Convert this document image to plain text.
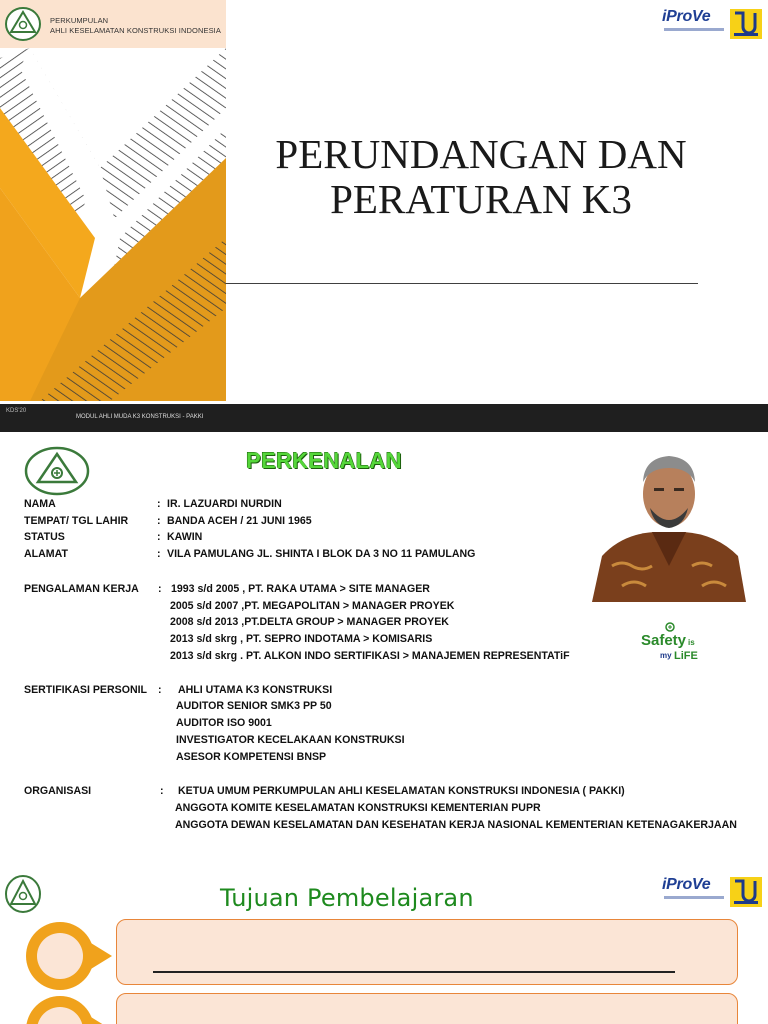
PERKUMPULAN
AHLI KESELAMATAN KONSTRUKSI INDONESIA
PERUNDANGAN DAN
PERATURAN K3
iProVe
KDS'20
MODUL AHLI MUDA K3 KONSTRUKSI - PAKKI
PERKENALAN
NAMA	: IR. LAZUARDI NURDIN
TEMPAT/ TGL LAHIR	: BANDA ACEH / 21 JUNI 1965
STATUS	: KAWIN
ALAMAT	: VILA PAMULANG JL. SHINTA I BLOK DA 3 NO 11 PAMULANG
PENGALAMAN KERJA : 1993 s/d 2005 , PT. RAKA UTAMA > SITE MANAGER
2005 s/d 2007 ,PT. MEGAPOLITAN > MANAGER PROYEK
2008 s/d 2013 ,PT.DELTA GROUP > MANAGER PROYEK
2013 s/d skrg , PT. SEPRO INDOTAMA > KOMISARIS
2013 s/d skrg . PT. ALKON INDO SERTIFIKASI > MANAJEMEN REPRESENTATiF
Safety is
my LiFE
SERTIFIKASI PERSONIL : AHLI UTAMA K3 KONSTRUKSI
AUDITOR SENIOR SMK3 PP 50
AUDITOR ISO 9001
INVESTIGATOR KECELAKAAN KONSTRUKSI
ASESOR KOMPETENSI BNSP
ORGANISASI	: KETUA UMUM PERKUMPULAN AHLI KESELAMATAN KONSTRUKSI INDONESIA ( PAKKI)
ANGGOTA KOMITE KESELAMATAN KONSTRUKSI KEMENTERIAN PUPR
ANGGOTA DEWAN KESELAMATAN DAN KESEHATAN KERJA NASIONAL KEMENTERIAN KETENAGAKERJAAN
Tujuan Pembelajaran	iProVe
